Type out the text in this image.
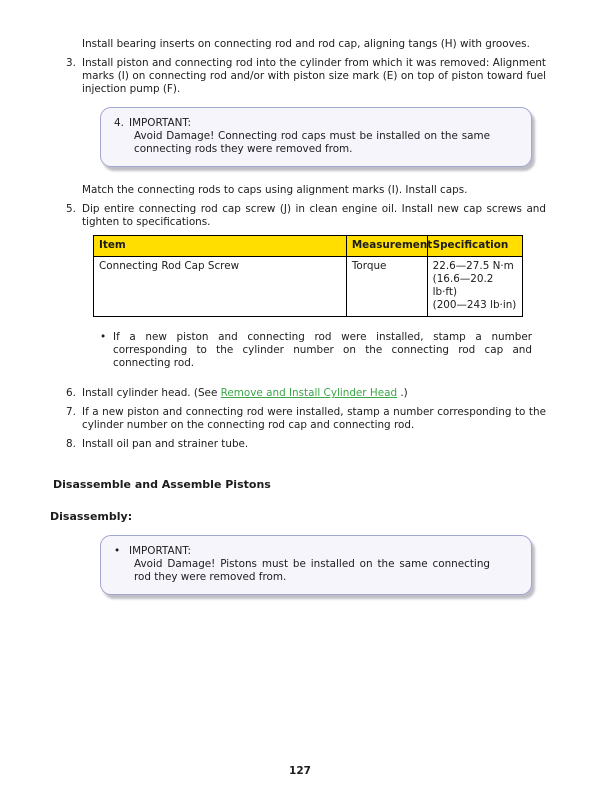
Install bearing inserts on connecting rod and rod cap, aligning tangs (H) with grooves.

3. Install piston and connecting rod into the cylinder from which it was removed: Alignment marks (I) on connecting rod and/or with piston size mark (E) on top of piston toward fuel injection pump (F).
4. IMPORTANT:
Avoid Damage! Connecting rod caps must be installed on the same connecting rods they were removed from.

Match the connecting rods to caps using alignment marks (I). Install caps.

5. Dip entire connecting rod cap screw (J) in clean engine oil. Install new cap screws and tighten to specifications.
Item	Measurement	Specification
Connecting Rod Cap Screw	Torque	22.6—27.5 N·m
(16.6—20.2 lb·ft)
(200—243 lb·in)
• If a new piston and connecting rod were installed, stamp a number corresponding to the cylinder number on the connecting rod cap and connecting rod.
6. Install cylinder head. (See Remove and Install Cylinder Head .)
7. If a new piston and connecting rod were installed, stamp a number corresponding to the cylinder number on the connecting rod cap and connecting rod.
8. Install oil pan and strainer tube.
Disassemble and Assemble Pistons
Disassembly:
• IMPORTANT:
Avoid Damage! Pistons must be installed on the same connecting rod they were removed from.
127
